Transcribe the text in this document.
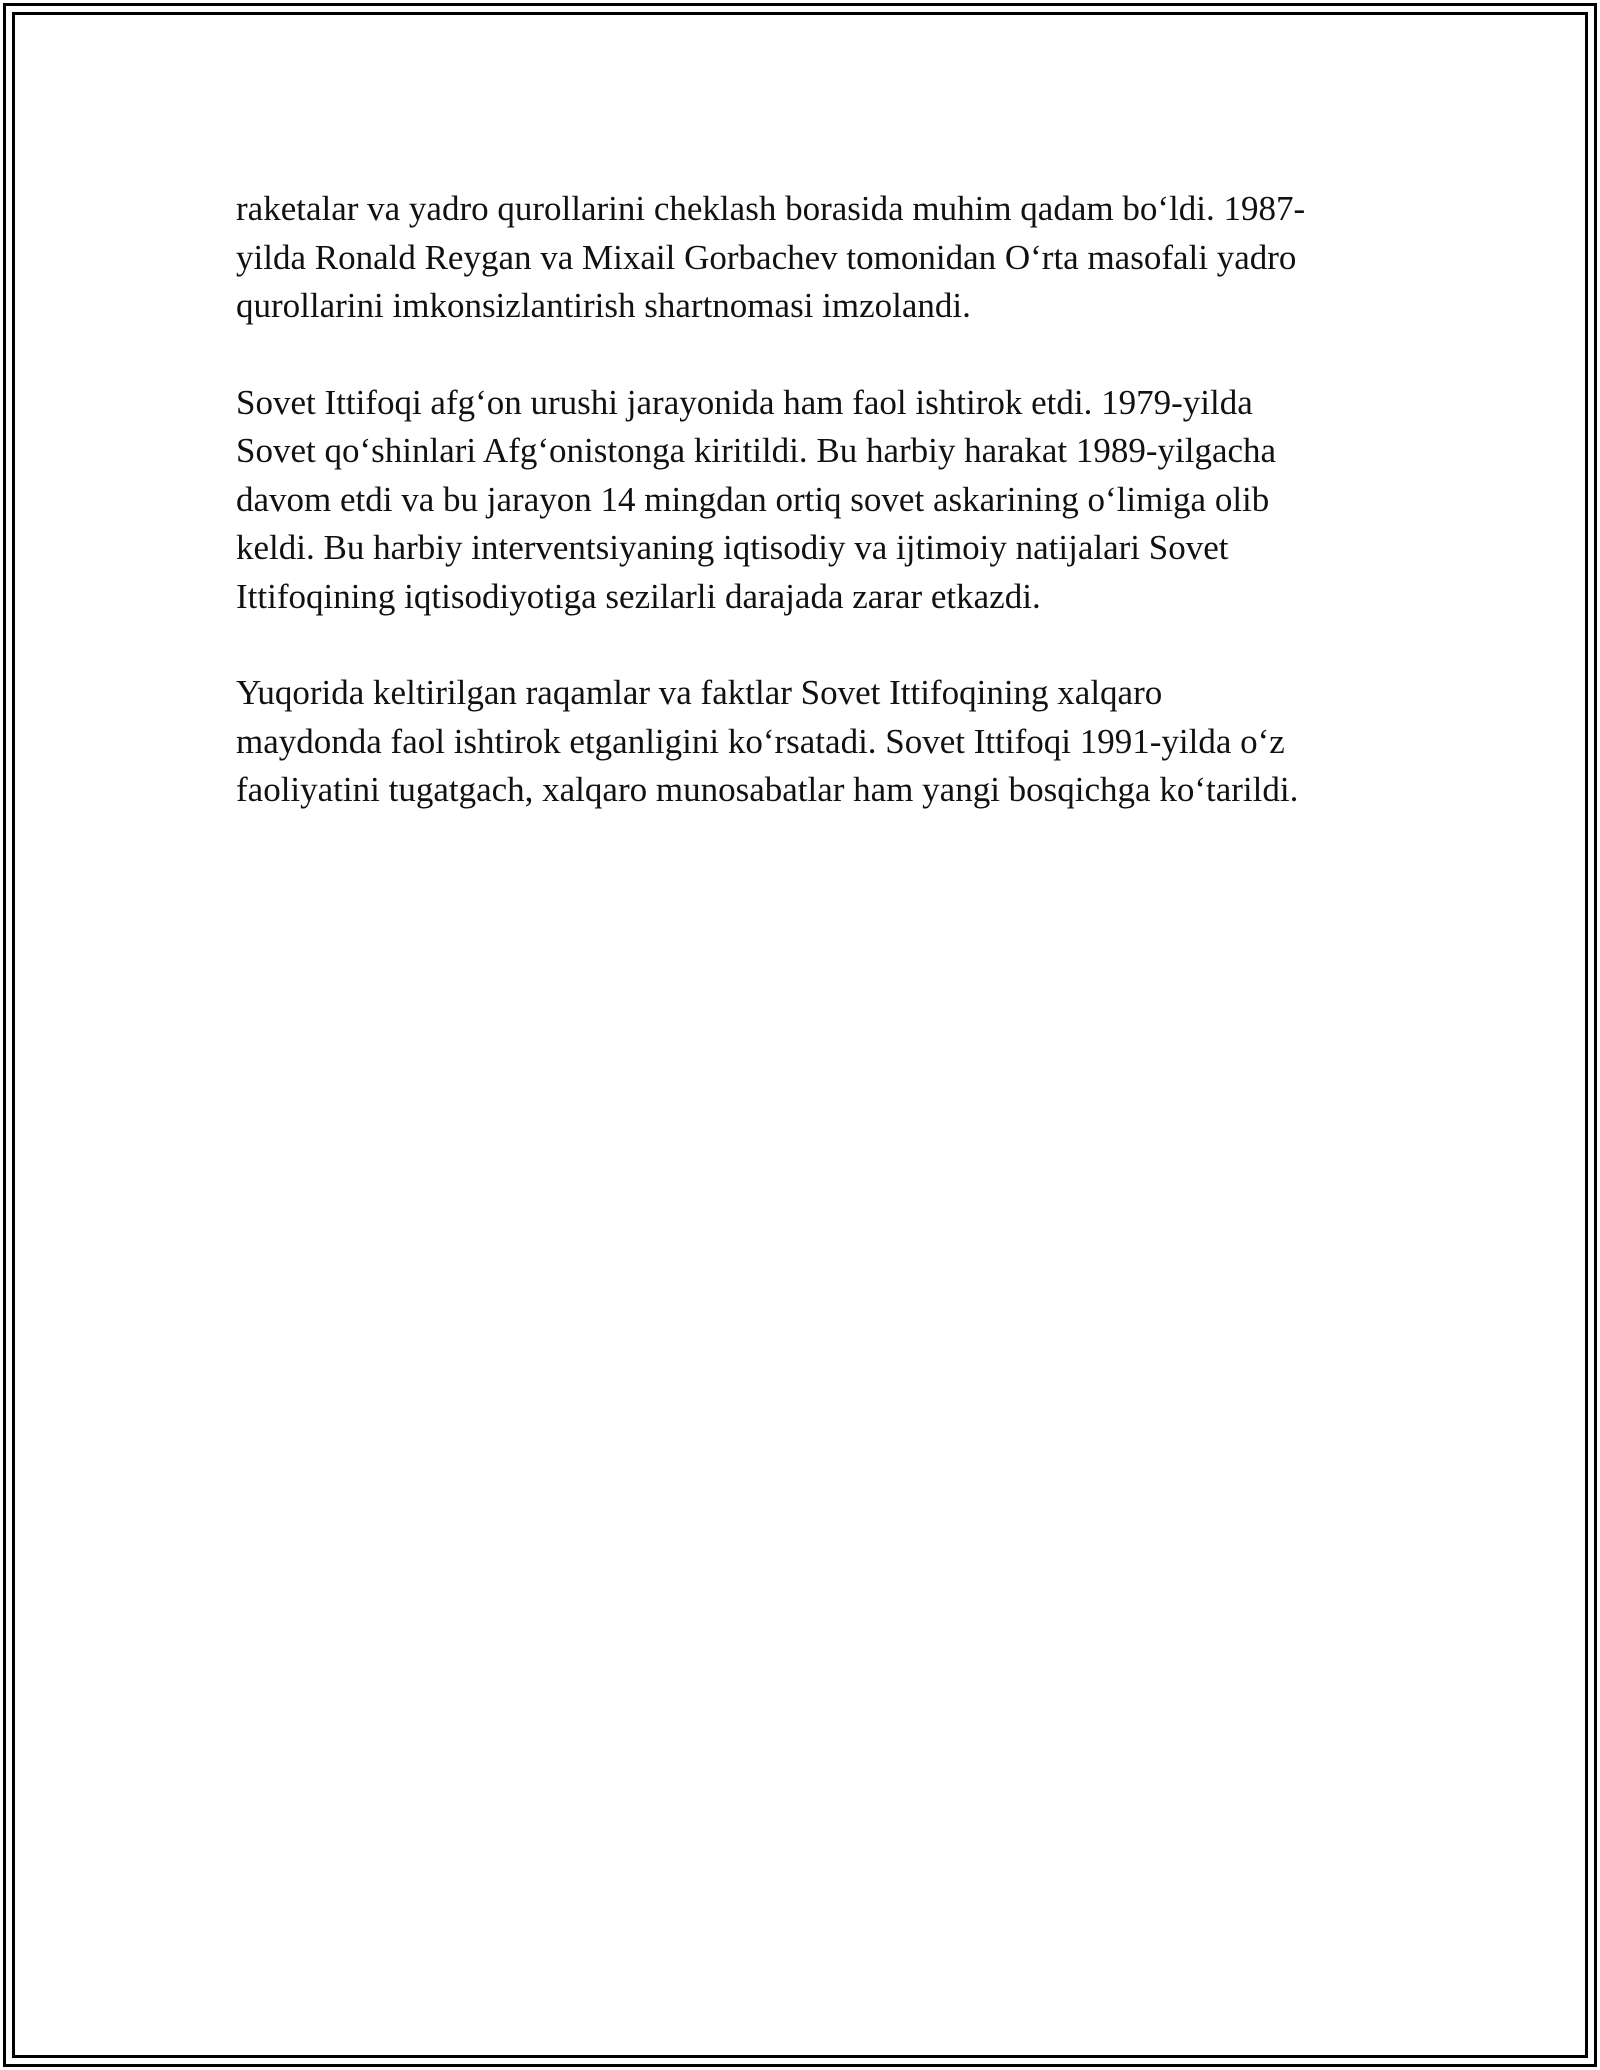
raketalar va yadro qurollarini cheklash borasida muhim qadam bo‘ldi. 1987-
yilda Ronald Reygan va Mixail Gorbachev tomonidan O‘rta masofali yadro
qurollarini imkonsizlantirish shartnomasi imzolandi.

Sovet Ittifoqi afg‘on urushi jarayonida ham faol ishtirok etdi. 1979-yilda
Sovet qo‘shinlari Afg‘onistonga kiritildi. Bu harbiy harakat 1989-yilgacha
davom etdi va bu jarayon 14 mingdan ortiq sovet askarining o‘limiga olib
keldi. Bu harbiy interventsiyaning iqtisodiy va ijtimoiy natijalari Sovet
Ittifoqining iqtisodiyotiga sezilarli darajada zarar etkazdi.

Yuqorida keltirilgan raqamlar va faktlar Sovet Ittifoqining xalqaro
maydonda faol ishtirok etganligini ko‘rsatadi. Sovet Ittifoqi 1991-yilda o‘z
faoliyatini tugatgach, xalqaro munosabatlar ham yangi bosqichga ko‘tarildi.
